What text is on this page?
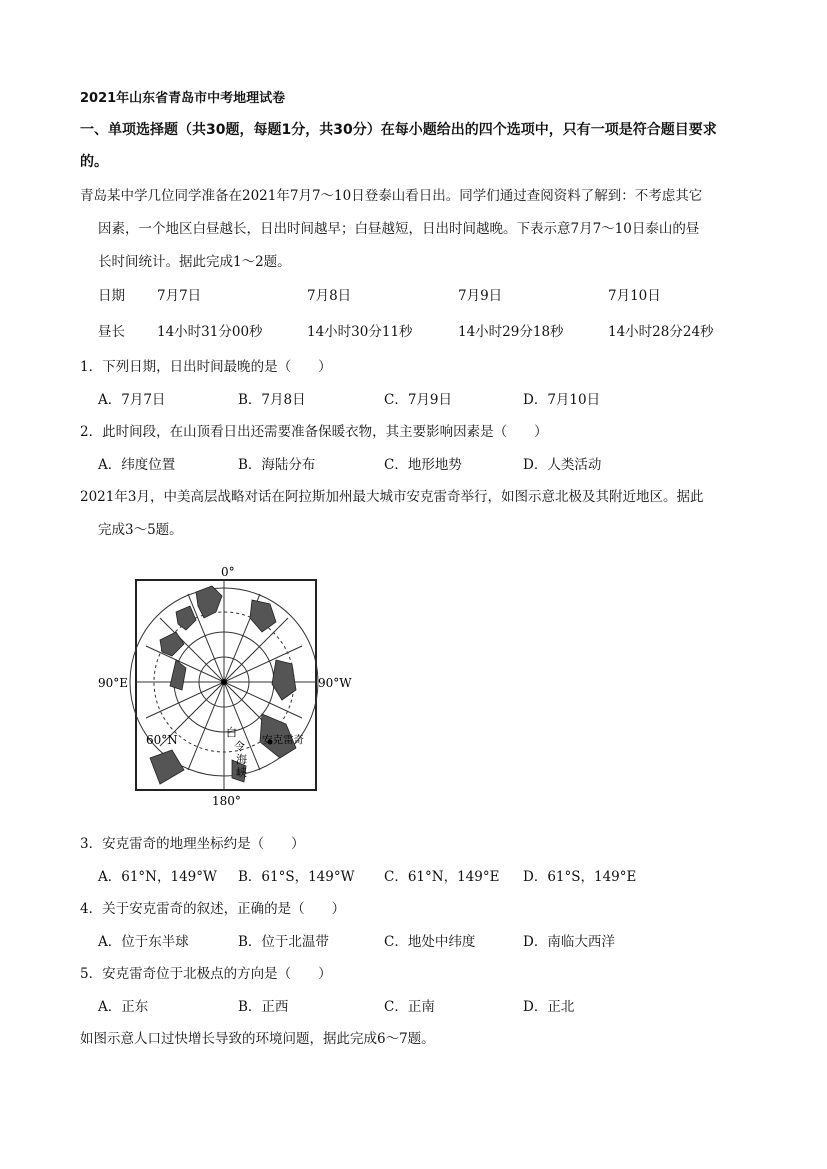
2021年山东省青岛市中考地理试卷
一、单项选择题（共30题，每题1分，共30分）在每小题给出的四个选项中，只有一项是符合题目要求
的。
青岛某中学几位同学准备在2021年7月7～10日登泰山看日出。同学们通过查阅资料了解到：不考虑其它
因素，一个地区白昼越长，日出时间越早；白昼越短，日出时间越晚。下表示意7月7～10日泰山的昼
长时间统计。据此完成1～2题。
日期 7月7日	7月8日	7月9日	7月10日
昼长 14小时31分00秒	14小时30分11秒	14小时29分18秒	14小时28分24秒
1．下列日期，日出时间最晚的是（　　）
A．7月7日	B．7月8日	C．7月9日	D．7月10日
2．此时间段，在山顶看日出还需要准备保暖衣物，其主要影响因素是（　　）
A．纬度位置	B．海陆分布	C．地形地势	D．人类活动
2021年3月，中美高层战略对话在阿拉斯加州最大城市安克雷奇举行，如图示意北极及其附近地区。据此
完成3～5题。
0°
180°
90°E	90°W
60°N	安克雷奇
白
令
海
峡
3．安克雷奇的地理坐标约是（　　）
A．61°N，149°W B．61°S，149°W C．61°N，149°E D．61°S，149°E
4．关于安克雷奇的叙述，正确的是（　　）
A．位于东半球	B．位于北温带	C．地处中纬度	D．南临大西洋
5．安克雷奇位于北极点的方向是（　　）
A．正东	B．正西	C．正南	D．正北
如图示意人口过快增长导致的环境问题，据此完成6～7题。
